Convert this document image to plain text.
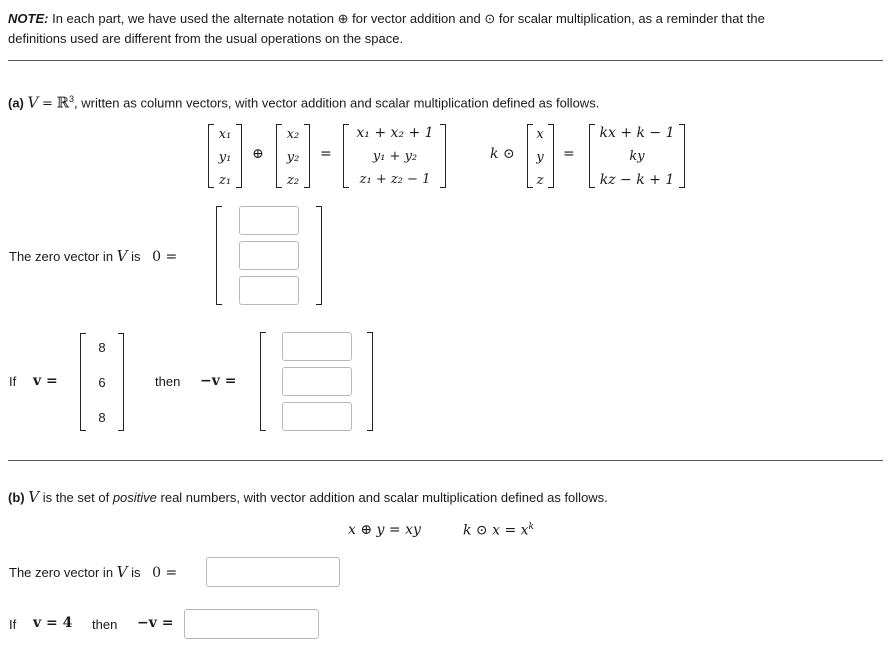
NOTE: In each part, we have used the alternate notation ⊕ for vector addition and ⊙ for scalar multiplication, as a reminder that the
definitions used are different from the usual operations on the space.
(a) V = ℝ$^3$, written as column vectors, with vector addition and scalar multiplication defined as follows.
x₁
y₁
z₁
⊕
x₂
y₂
z₂
=
x₁ + x₂ + 1
y₁ + y₂
z₁ + z₂ − 1
k ⊙
x
y
z
=
kx + k − 1
ky
kz − k + 1
The zero vector in V is 0 =
If v =
8
6
8
then −v =
(b) V is the set of positive real numbers, with vector addition and scalar multiplication defined as follows.
x ⊕ y = xy	k ⊙ $x = x^k$
The zero vector in V is 0 =
If v = 4 then −v =
